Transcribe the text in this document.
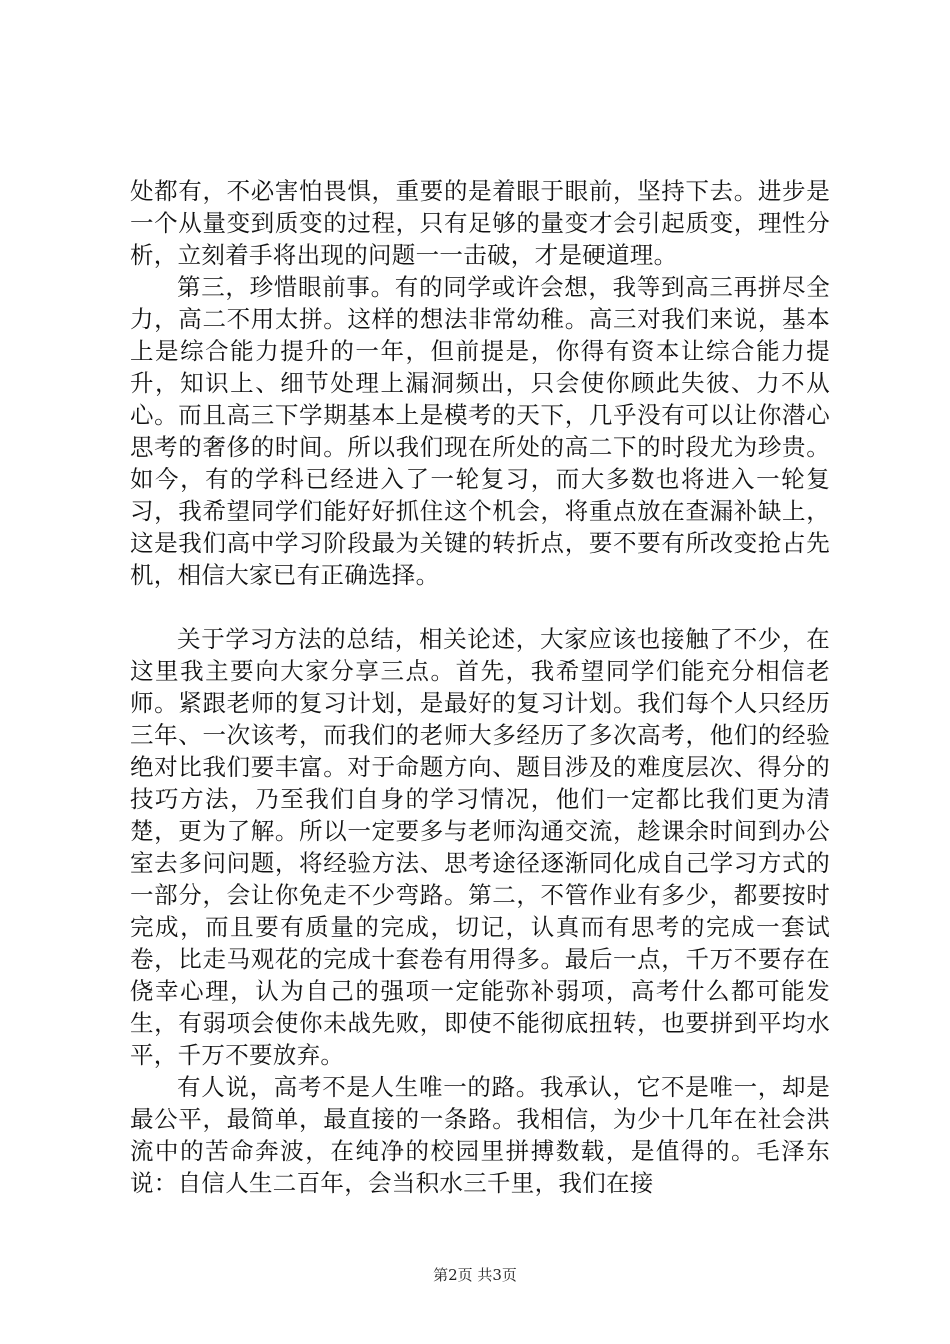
处都有，不必害怕畏惧，重要的是着眼于眼前，坚持下去。进步是一个从量变到质变的过程，只有足够的量变才会引起质变，理性分析，立刻着手将出现的问题一一击破，才是硬道理。

第三，珍惜眼前事。有的同学或许会想，我等到高三再拼尽全力，高二不用太拼。这样的想法非常幼稚。高三对我们来说，基本上是综合能力提升的一年，但前提是，你得有资本让综合能力提升，知识上、细节处理上漏洞频出，只会使你顾此失彼、力不从心。而且高三下学期基本上是模考的天下，几乎没有可以让你潜心思考的奢侈的时间。所以我们现在所处的高二下的时段尤为珍贵。如今，有的学科已经进入了一轮复习，而大多数也将进入一轮复习，我希望同学们能好好抓住这个机会，将重点放在查漏补缺上，这是我们高中学习阶段最为关键的转折点，要不要有所改变抢占先机，相信大家已有正确选择。

关于学习方法的总结，相关论述，大家应该也接触了不少，在这里我主要向大家分享三点。首先，我希望同学们能充分相信老师。紧跟老师的复习计划，是最好的复习计划。我们每个人只经历三年、一次该考，而我们的老师大多经历了多次高考，他们的经验绝对比我们要丰富。对于命题方向、题目涉及的难度层次、得分的技巧方法，乃至我们自身的学习情况，他们一定都比我们更为清楚，更为了解。所以一定要多与老师沟通交流，趁课余时间到办公室去多问问题，将经验方法、思考途径逐渐同化成自己学习方式的一部分，会让你免走不少弯路。第二，不管作业有多少，都要按时完成，而且要有质量的完成，切记，认真而有思考的完成一套试卷，比走马观花的完成十套卷有用得多。最后一点，千万不要存在侥幸心理，认为自己的强项一定能弥补弱项，高考什么都可能发生，有弱项会使你未战先败，即使不能彻底扭转，也要拼到平均水平，千万不要放弃。

有人说，高考不是人生唯一的路。我承认，它不是唯一，却是最公平，最简单，最直接的一条路。我相信，为少十几年在社会洪流中的苦命奔波，在纯净的校园里拼搏数载，是值得的。毛泽东说：自信人生二百年，会当积水三千里，我们在接

第2页 共3页
